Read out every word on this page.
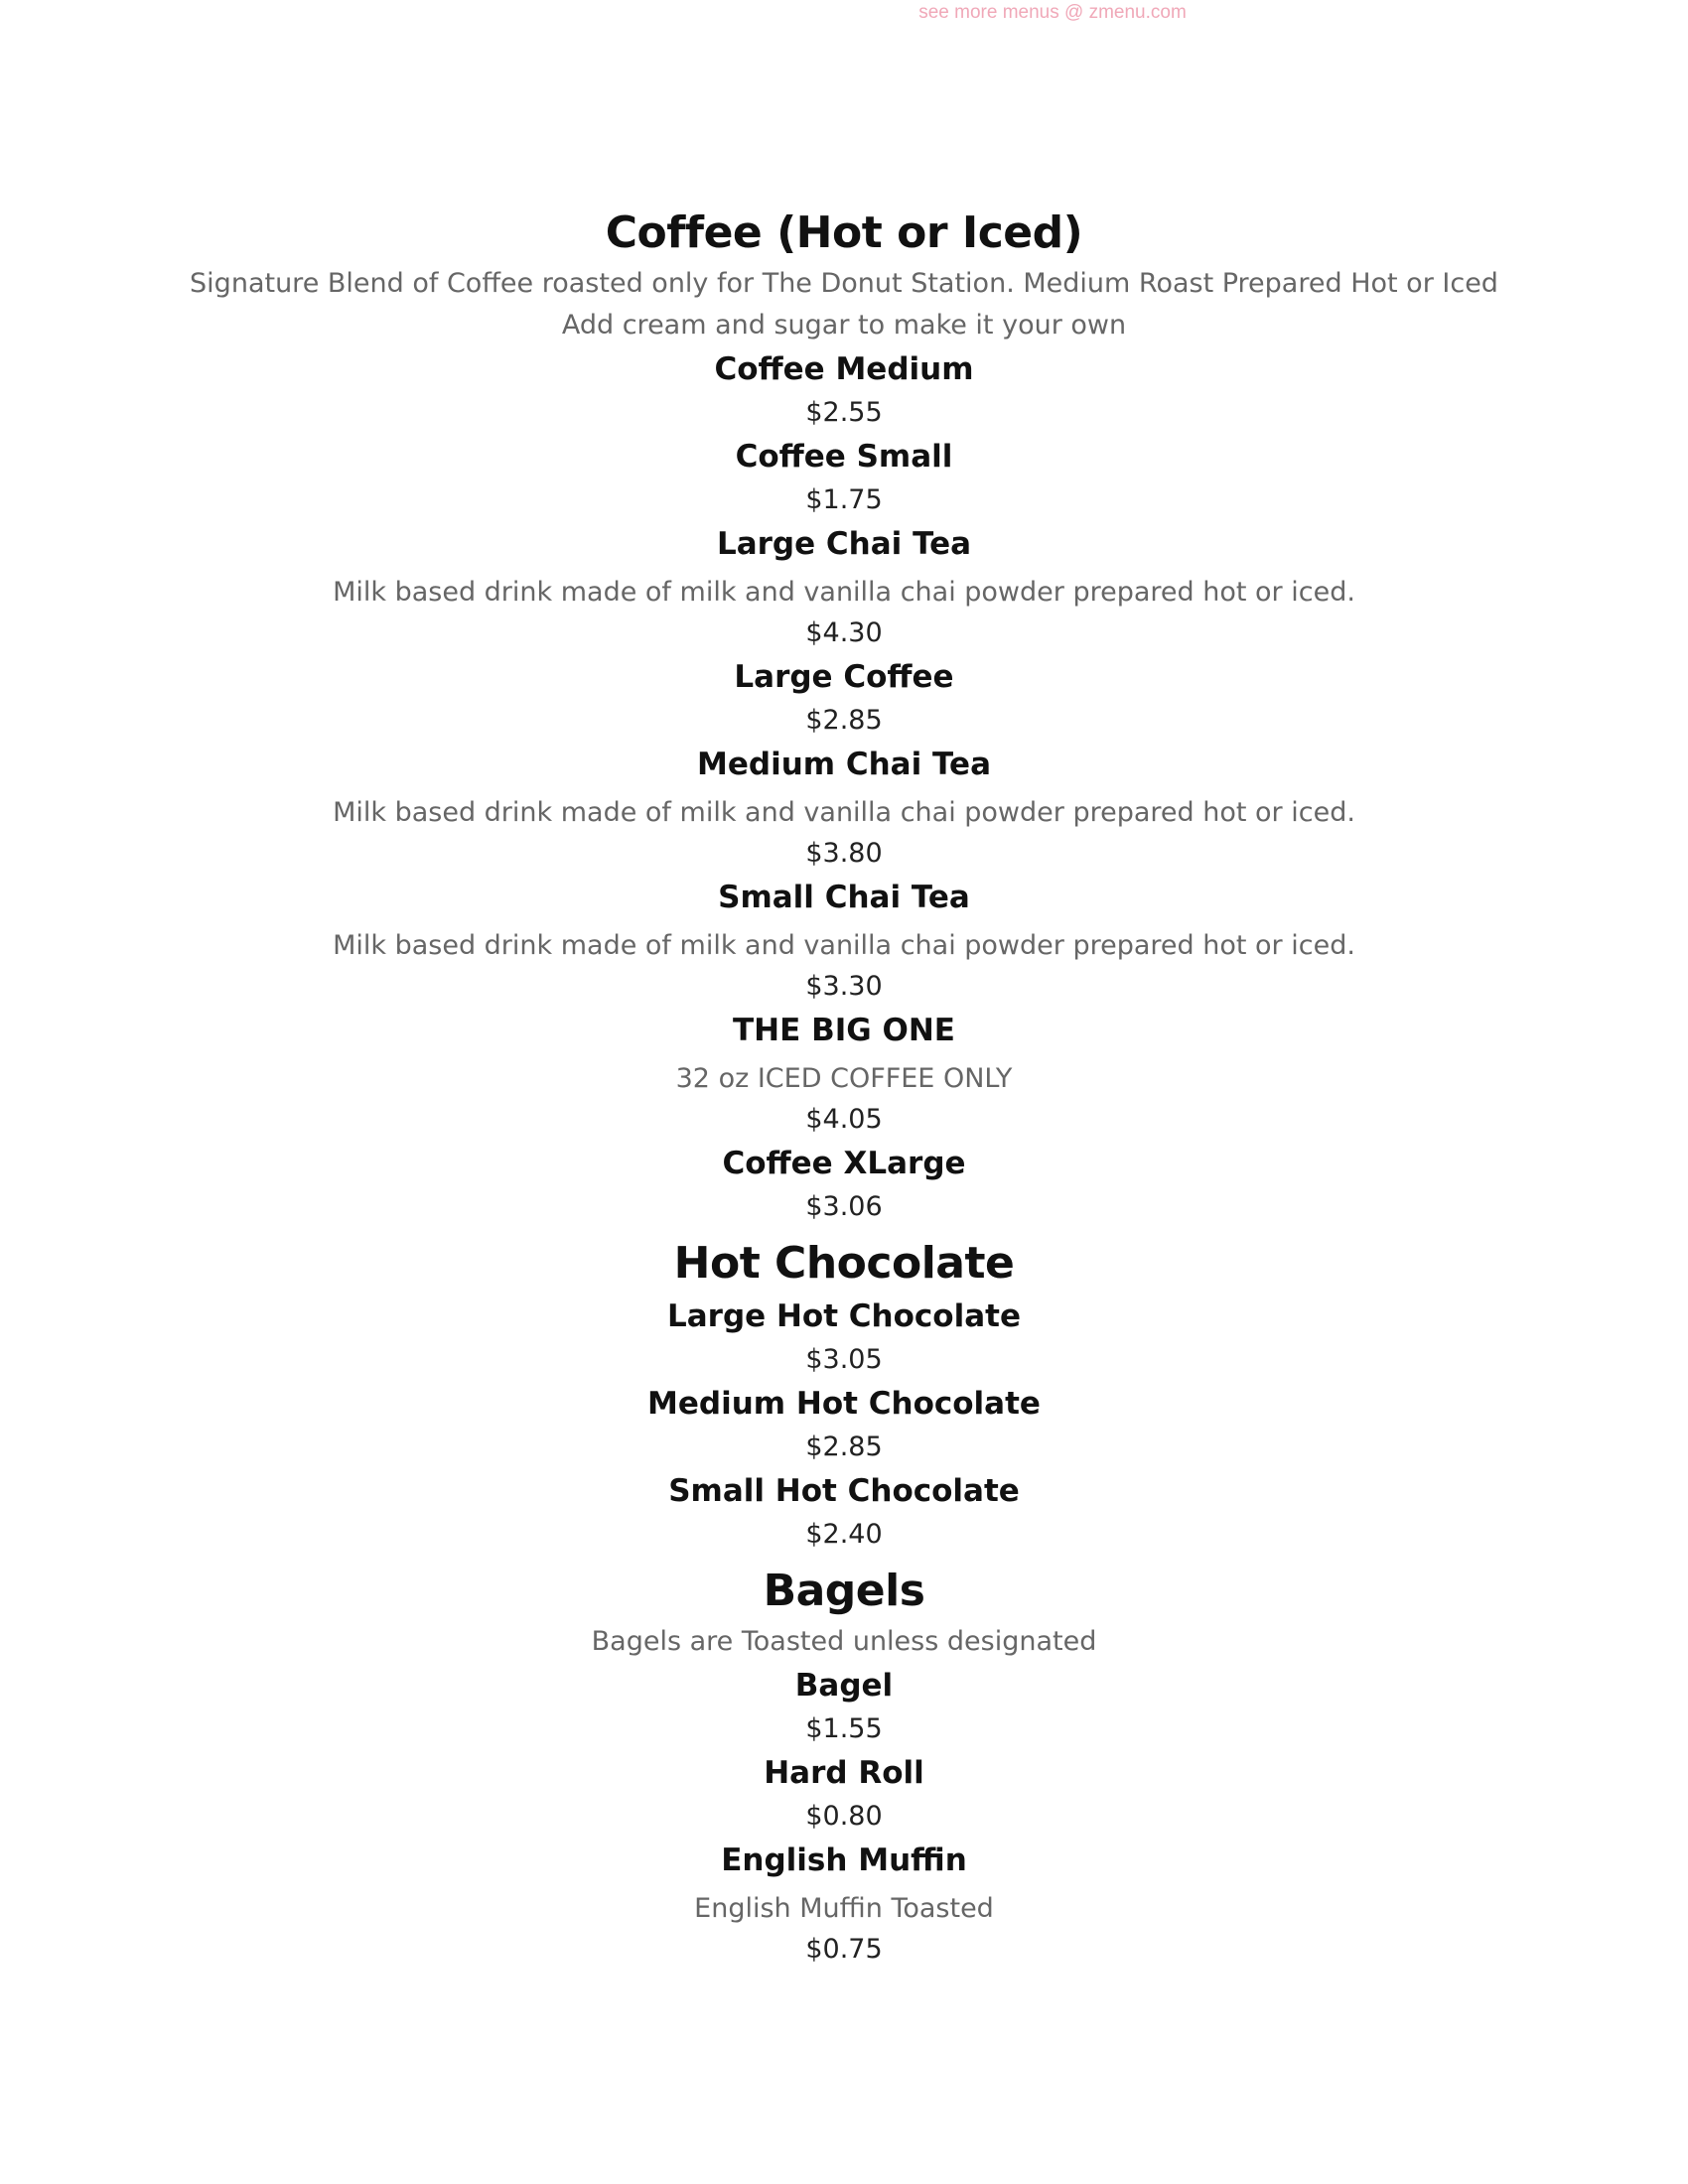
see more menus @ zmenu.com
Coffee (Hot or Iced)

Signature Blend of Coffee roasted only for The Donut Station. Medium Roast Prepared Hot or Iced

Add cream and sugar to make it your own

Coffee Medium

$2.55

Coffee Small

$1.75

Large Chai Tea

Milk based drink made of milk and vanilla chai powder prepared hot or iced.

$4.30

Large Coffee

$2.85

Medium Chai Tea

Milk based drink made of milk and vanilla chai powder prepared hot or iced.

$3.80

Small Chai Tea

Milk based drink made of milk and vanilla chai powder prepared hot or iced.

$3.30

THE BIG ONE

32 oz ICED COFFEE ONLY

$4.05

Coffee XLarge

$3.06

Hot Chocolate

Large Hot Chocolate

$3.05

Medium Hot Chocolate

$2.85

Small Hot Chocolate

$2.40

Bagels

Bagels are Toasted unless designated

Bagel

$1.55

Hard Roll

$0.80

English Muffin

English Muffin Toasted

$0.75
